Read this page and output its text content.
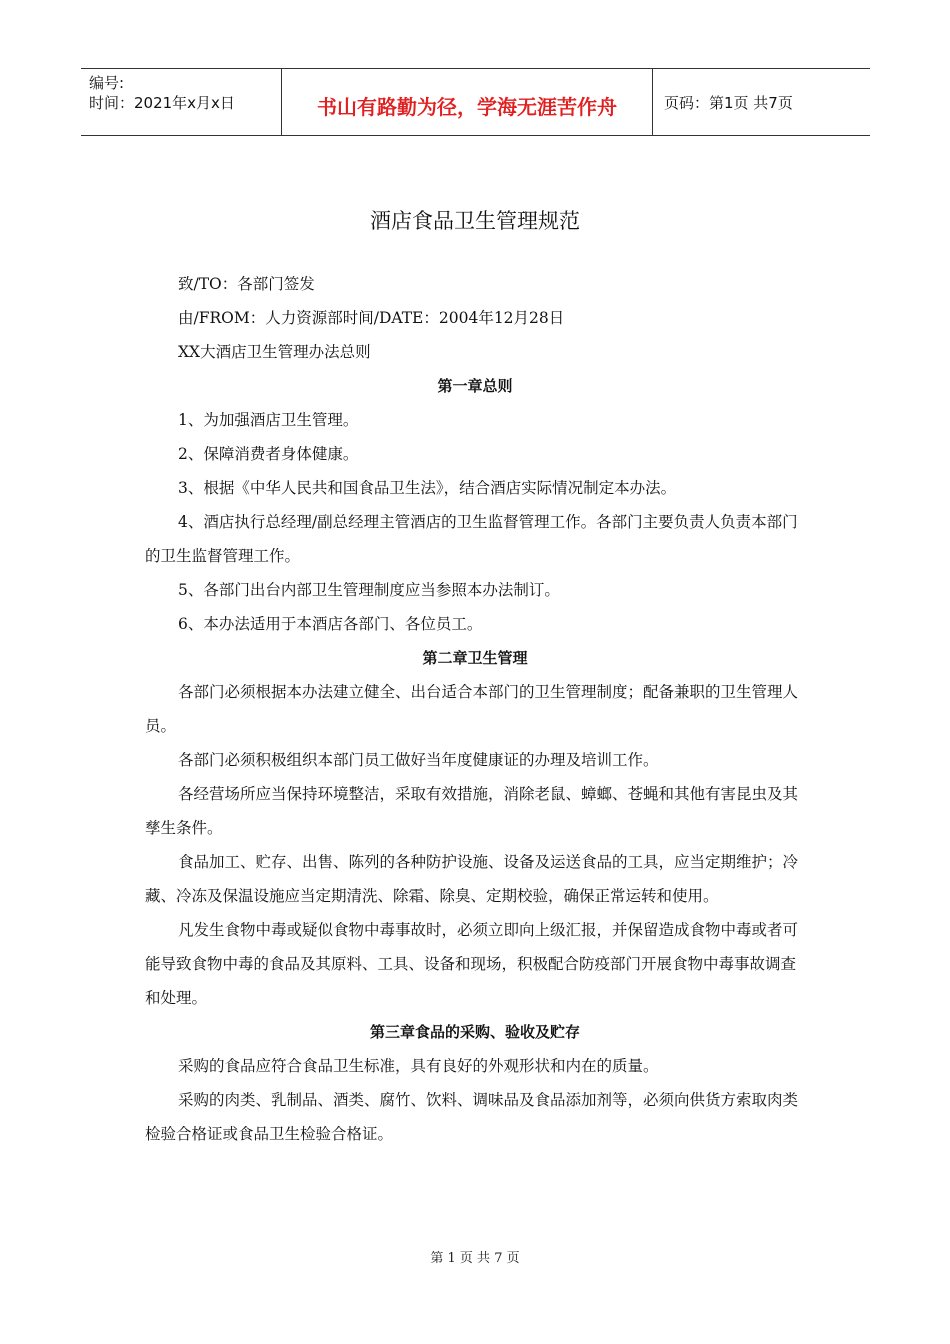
编号:
时间：2021年x月x日	书山有路勤为径，学海无涯苦作舟	页码：第1页 共7页
酒店食品卫生管理规范

致/TO：各部门签发

由/FROM：人力资源部时间/DATE：2004年12月28日

XX大酒店卫生管理办法总则

第一章总则

1、为加强酒店卫生管理。

2、保障消费者身体健康。

3、根据《中华人民共和国食品卫生法》，结合酒店实际情况制定本办法。

4、酒店执行总经理/副总经理主管酒店的卫生监督管理工作。各部门主要负责人负责本部门的卫生监督管理工作。

5、各部门出台内部卫生管理制度应当参照本办法制订。

6、本办法适用于本酒店各部门、各位员工。

第二章卫生管理

各部门必须根据本办法建立健全、出台适合本部门的卫生管理制度；配备兼职的卫生管理人员。

各部门必须积极组织本部门员工做好当年度健康证的办理及培训工作。

各经营场所应当保持环境整洁，采取有效措施，消除老鼠、蟑螂、苍蝇和其他有害昆虫及其孳生条件。

食品加工、贮存、出售、陈列的各种防护设施、设备及运送食品的工具，应当定期维护；冷藏、冷冻及保温设施应当定期清洗、除霜、除臭、定期校验，确保正常运转和使用。

凡发生食物中毒或疑似食物中毒事故时，必须立即向上级汇报，并保留造成食物中毒或者可能导致食物中毒的食品及其原料、工具、设备和现场，积极配合防疫部门开展食物中毒事故调查和处理。

第三章食品的采购、验收及贮存

采购的食品应符合食品卫生标准，具有良好的外观形状和内在的质量。

采购的肉类、乳制品、酒类、腐竹、饮料、调味品及食品添加剂等，必须向供货方索取肉类检验合格证或食品卫生检验合格证。

第 1 页 共 7 页
